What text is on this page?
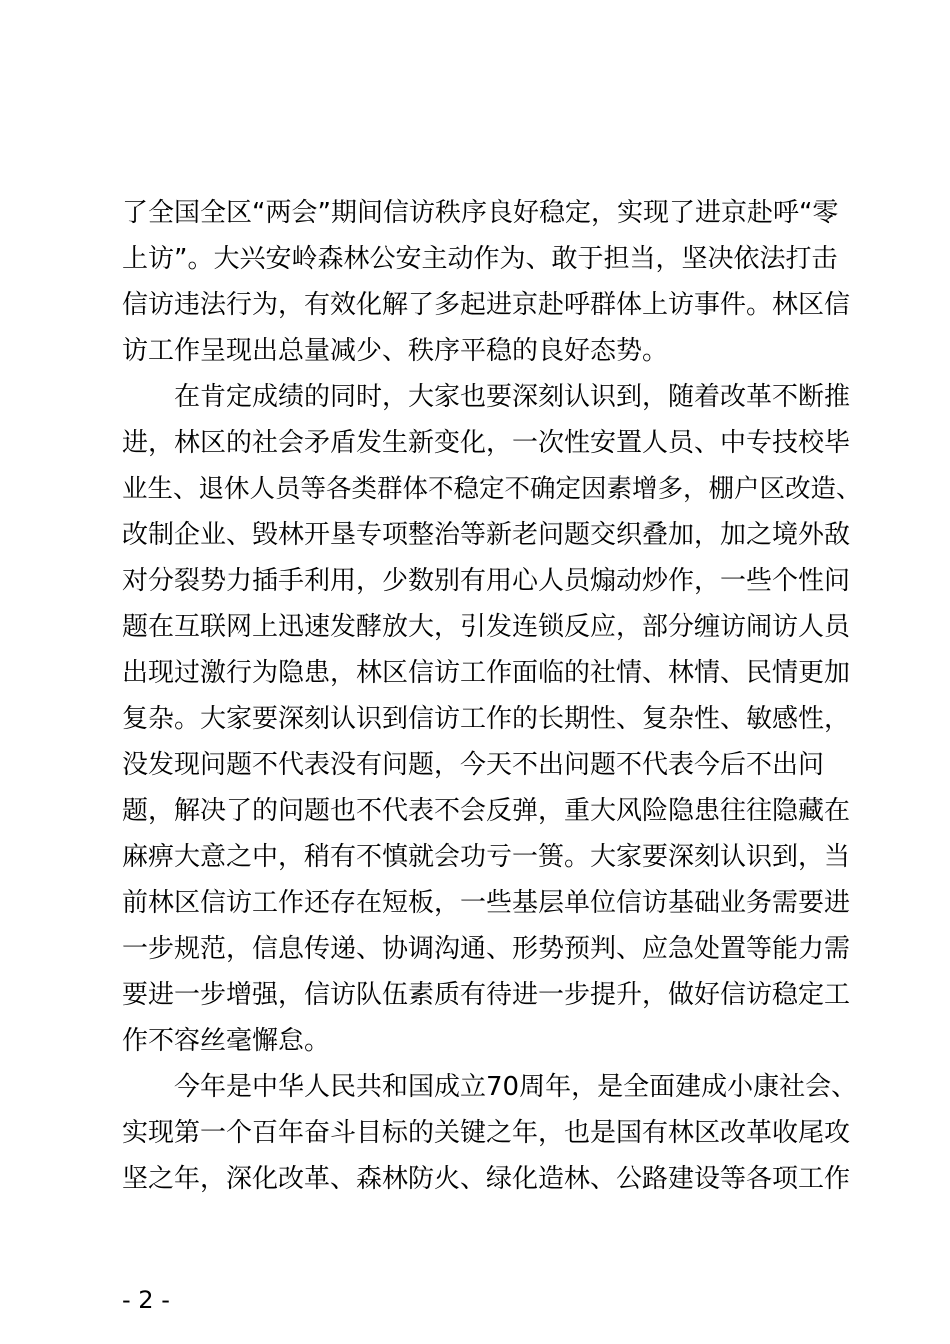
了全国全区“两会”期间信访秩序良好稳定，实现了进京赴呼“零
上访”。大兴安岭森林公安主动作为、敢于担当，坚决依法打击
信访违法行为，有效化解了多起进京赴呼群体上访事件。林区信
访工作呈现出总量减少、秩序平稳的良好态势。
　　在肯定成绩的同时，大家也要深刻认识到，随着改革不断推
进，林区的社会矛盾发生新变化，一次性安置人员、中专技校毕
业生、退休人员等各类群体不稳定不确定因素增多，棚户区改造、
改制企业、毁林开垦专项整治等新老问题交织叠加，加之境外敌
对分裂势力插手利用，少数别有用心人员煽动炒作，一些个性问
题在互联网上迅速发酵放大，引发连锁反应，部分缠访闹访人员
出现过激行为隐患，林区信访工作面临的社情、林情、民情更加
复杂。大家要深刻认识到信访工作的长期性、复杂性、敏感性，
没发现问题不代表没有问题，今天不出问题不代表今后不出问
题，解决了的问题也不代表不会反弹，重大风险隐患往往隐藏在
麻痹大意之中，稍有不慎就会功亏一篑。大家要深刻认识到，当
前林区信访工作还存在短板，一些基层单位信访基础业务需要进
一步规范，信息传递、协调沟通、形势预判、应急处置等能力需
要进一步增强，信访队伍素质有待进一步提升，做好信访稳定工
作不容丝毫懈怠。
　　今年是中华人民共和国成立70周年，是全面建成小康社会、
实现第一个百年奋斗目标的关键之年，也是国有林区改革收尾攻
坚之年，深化改革、森林防火、绿化造林、公路建设等各项工作
- 2 -
